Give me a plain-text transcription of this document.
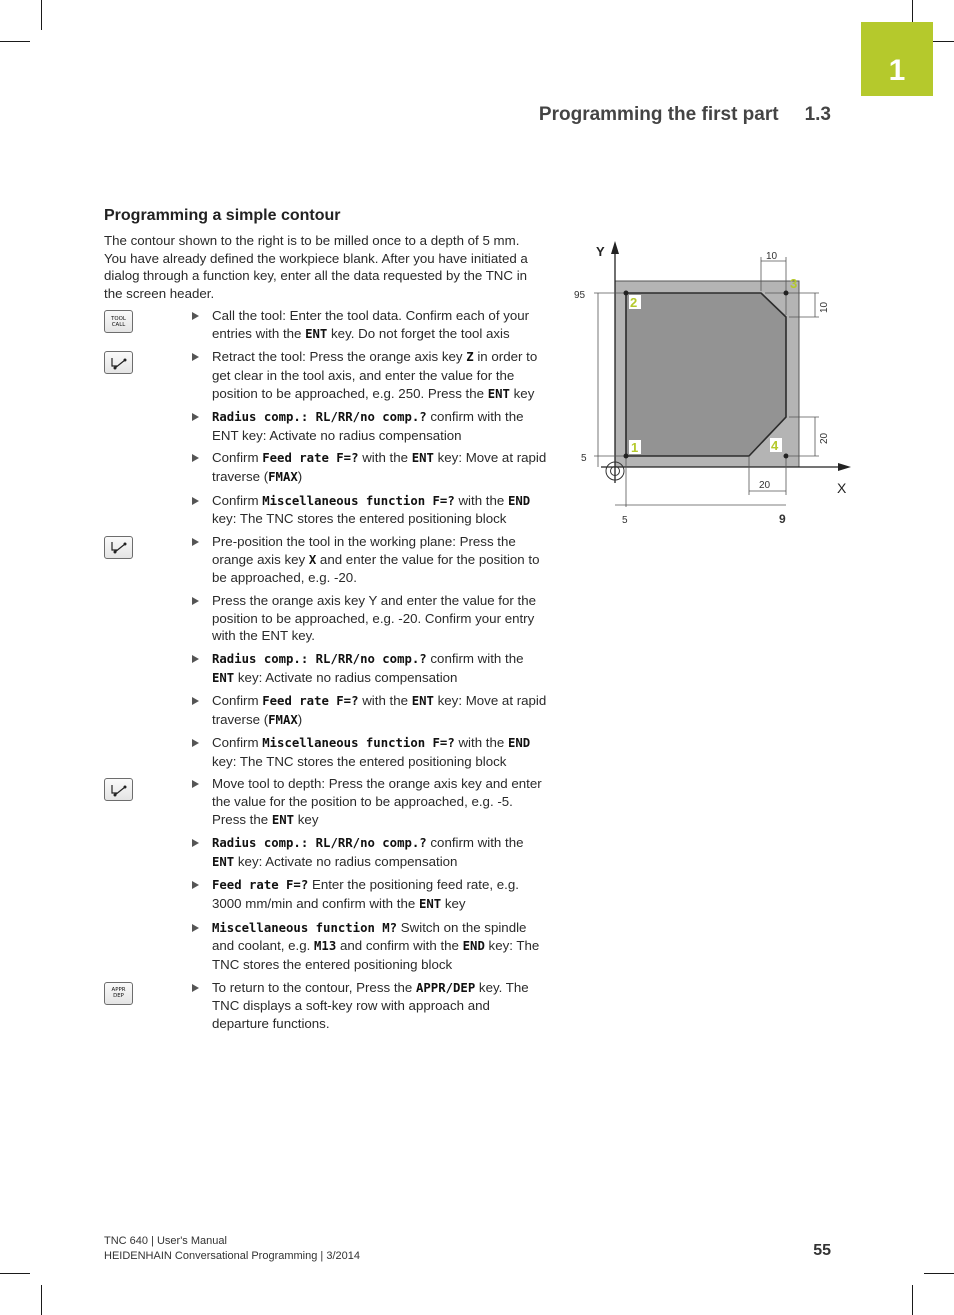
1
Programming the first part 1.3
Programming a simple contour

The contour shown to the right is to be milled once to a depth of 5 mm. You have already defined the workpiece blank. After you have initiated a dialog through a function key, enter all the data requested by the TNC in the screen header.

TOOL
CALL
Call the tool: Enter the tool data. Confirm each of your entries with the ENT key. Do not forget the tool axis
Retract the tool: Press the orange axis key Z in order to get clear in the tool axis, and enter the value for the position to be approached, e.g. 250. Press the ENT key
Radius comp.: RL/RR/no comp.? confirm with the ENT key: Activate no radius compensation
Confirm Feed rate F=? with the ENT key: Move at rapid traverse (FMAX)
Confirm Miscellaneous function F=? with the END key: The TNC stores the entered positioning block
Pre-position the tool in the working plane: Press the orange axis key X and enter the value for the position to be approached, e.g. -20.
Press the orange axis key Y and enter the value for the position to be approached, e.g. -20. Confirm your entry with the ENT key.
Radius comp.: RL/RR/no comp.? confirm with the ENT key: Activate no radius compensation
Confirm Feed rate F=? with the ENT key: Move at rapid traverse (FMAX)
Confirm Miscellaneous function F=? with the END key: The TNC stores the entered positioning block
Move tool to depth: Press the orange axis key and enter the value for the position to be approached, e.g. -5. Press the ENT key
Radius comp.: RL/RR/no comp.? confirm with the ENT key: Activate no radius compensation
Feed rate F=? Enter the positioning feed rate, e.g. 3000 mm/min and confirm with the ENT key
Miscellaneous function M? Switch on the spindle and coolant, e.g. M13 and confirm with the END key: The TNC stores the entered positioning block
APPR
DEP
To return to the contour, Press the APPR/DEP key. The TNC displays a soft-key row with approach and departure functions.
Y
X
10
10
95
5
20
20
5	9
1
2
3
4
TNC 640 | User's Manual
HEIDENHAIN Conversational Programming | 3/2014	55
